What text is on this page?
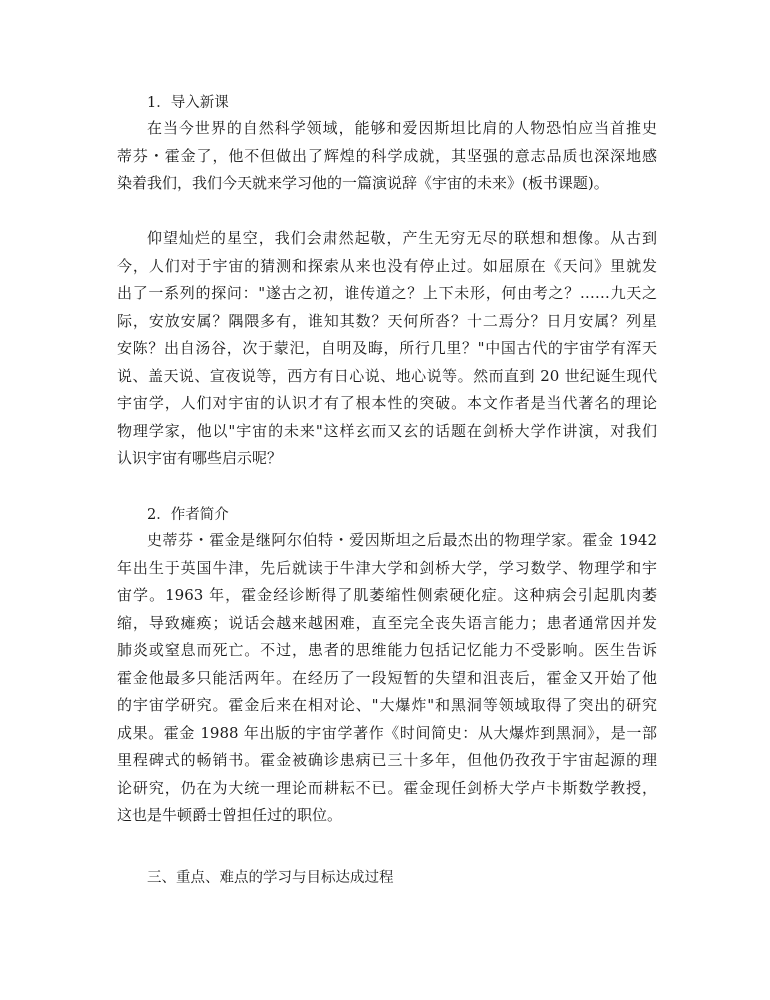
1．导入新课
在当今世界的自然科学领域，能够和爱因斯坦比肩的人物恐怕应当首推史
蒂芬・霍金了，他不但做出了辉煌的科学成就，其坚强的意志品质也深深地感
染着我们，我们今天就来学习他的一篇演说辞《宇宙的未来》(板书课题)。
仰望灿烂的星空，我们会肃然起敬，产生无穷无尽的联想和想像。从古到
今，人们对于宇宙的猜测和探索从来也没有停止过。如屈原在《天问》里就发
出了一系列的探问："遂古之初，谁传道之？上下未形，何由考之？……九天之
际，安放安属？隅隈多有，谁知其数？天何所沓？十二焉分？日月安属？列星
安陈？出自汤谷，次于蒙汜，自明及晦，所行几里？"中国古代的宇宙学有浑天
说、盖天说、宣夜说等，西方有日心说、地心说等。然而直到 20 世纪诞生现代
宇宙学，人们对宇宙的认识才有了根本性的突破。本文作者是当代著名的理论
物理学家，他以"宇宙的未来"这样玄而又玄的话题在剑桥大学作讲演，对我们
认识宇宙有哪些启示呢？
2．作者简介
史蒂芬・霍金是继阿尔伯特・爱因斯坦之后最杰出的物理学家。霍金 1942
年出生于英国牛津，先后就读于牛津大学和剑桥大学，学习数学、物理学和宇
宙学。1963 年，霍金经诊断得了肌萎缩性侧索硬化症。这种病会引起肌肉萎
缩，导致瘫痪；说话会越来越困难，直至完全丧失语言能力；患者通常因并发
肺炎或窒息而死亡。不过，患者的思维能力包括记忆能力不受影响。医生告诉
霍金他最多只能活两年。在经历了一段短暂的失望和沮丧后，霍金又开始了他
的宇宙学研究。霍金后来在相对论、"大爆炸"和黑洞等领域取得了突出的研究
成果。霍金 1988 年出版的宇宙学著作《时间简史：从大爆炸到黑洞》，是一部
里程碑式的畅销书。霍金被确诊患病已三十多年，但他仍孜孜于宇宙起源的理
论研究，仍在为大统一理论而耕耘不已。霍金现任剑桥大学卢卡斯数学教授，
这也是牛顿爵士曾担任过的职位。
三、重点、难点的学习与目标达成过程
